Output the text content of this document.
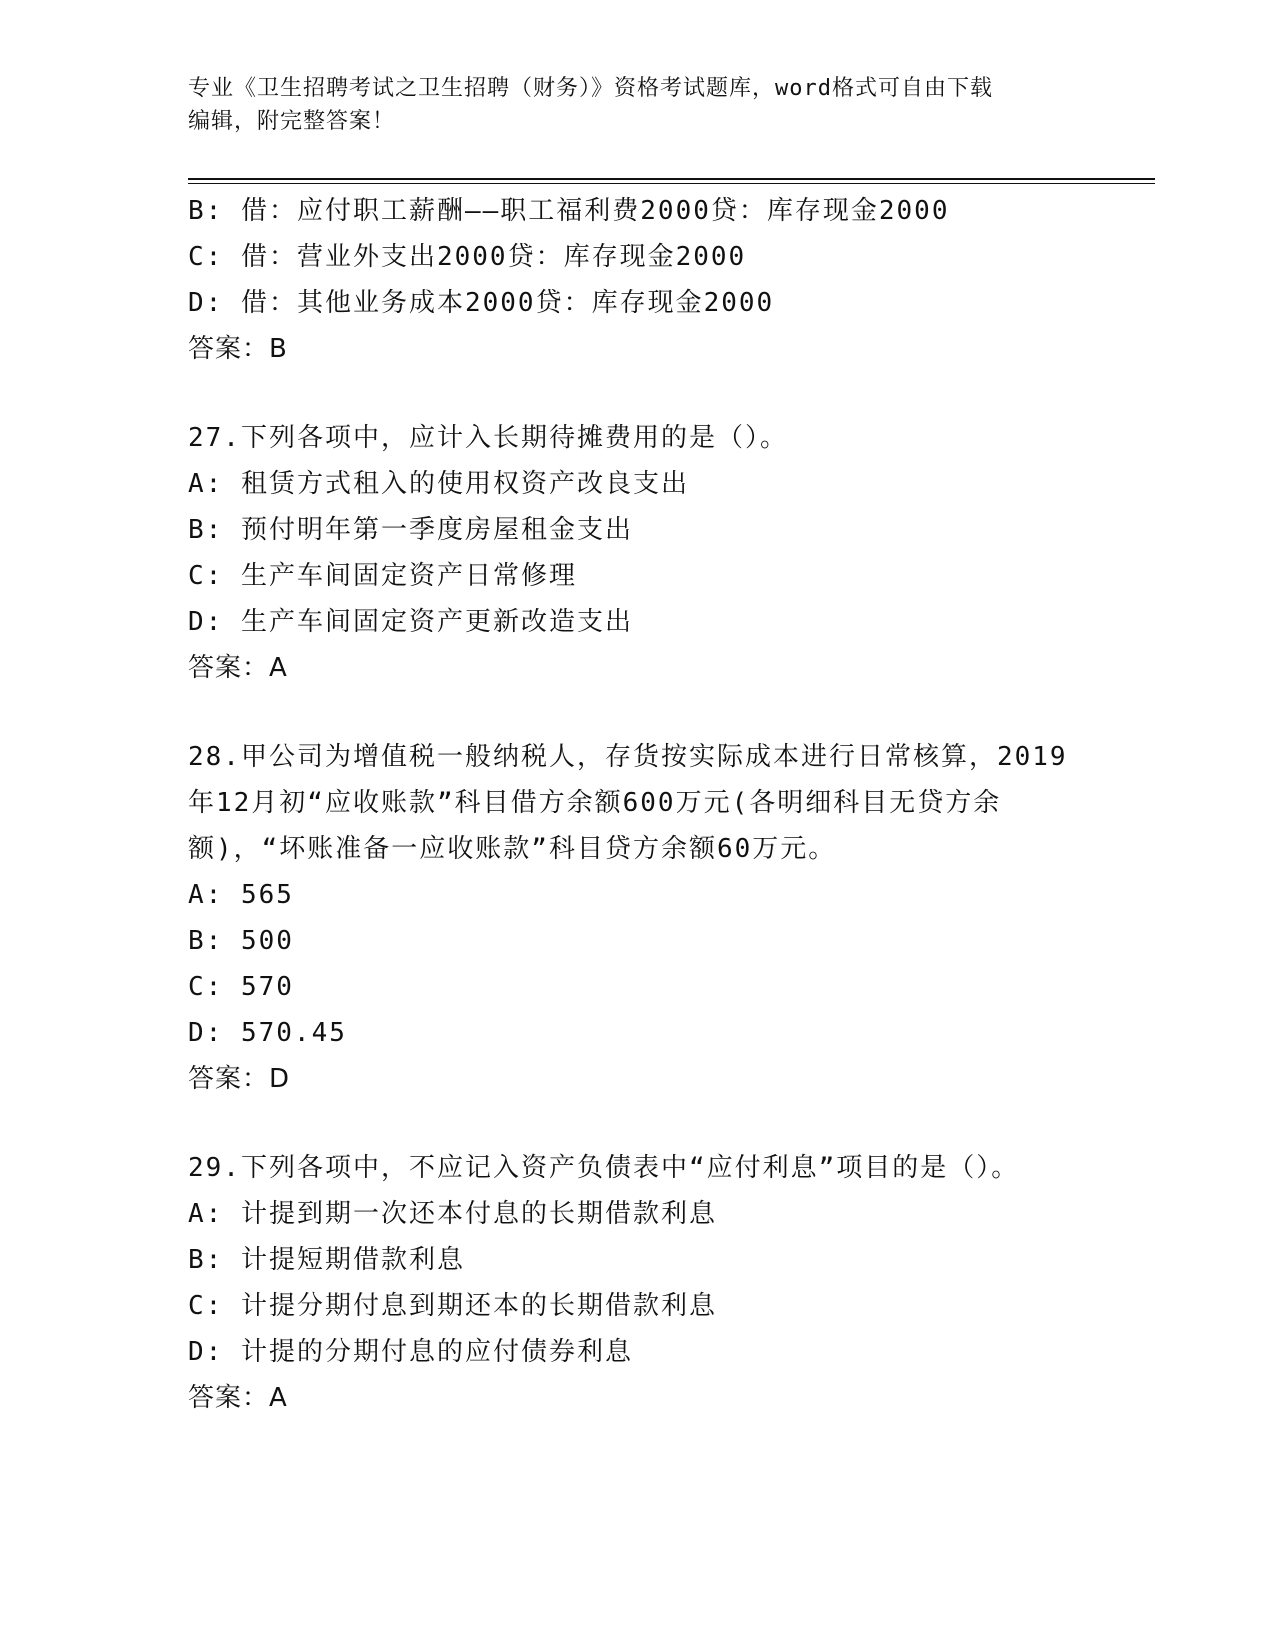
专业《卫生招聘考试之卫生招聘（财务）》资格考试题库，word格式可自由下载
编辑，附完整答案！
B: 借：应付职工薪酬——职工福利费2000贷：库存现金2000
C: 借：营业外支出2000贷：库存现金2000
D: 借：其他业务成本2000贷：库存现金2000
答案：B
27.下列各项中，应计入长期待摊费用的是（）。
A: 租赁方式租入的使用权资产改良支出
B: 预付明年第一季度房屋租金支出
C: 生产车间固定资产日常修理
D: 生产车间固定资产更新改造支出
答案：A
28.甲公司为增值税一般纳税人，存货按实际成本进行日常核算，2019
年12月初“应收账款”科目借方余额600万元(各明细科目无贷方余
额)，“坏账准备一应收账款”科目贷方余额60万元。
A: 565
B: 500
C: 570
D: 570.45
答案：D
29.下列各项中，不应记入资产负债表中“应付利息”项目的是（）。
A: 计提到期一次还本付息的长期借款利息
B: 计提短期借款利息
C: 计提分期付息到期还本的长期借款利息
D: 计提的分期付息的应付债券利息
答案：A
